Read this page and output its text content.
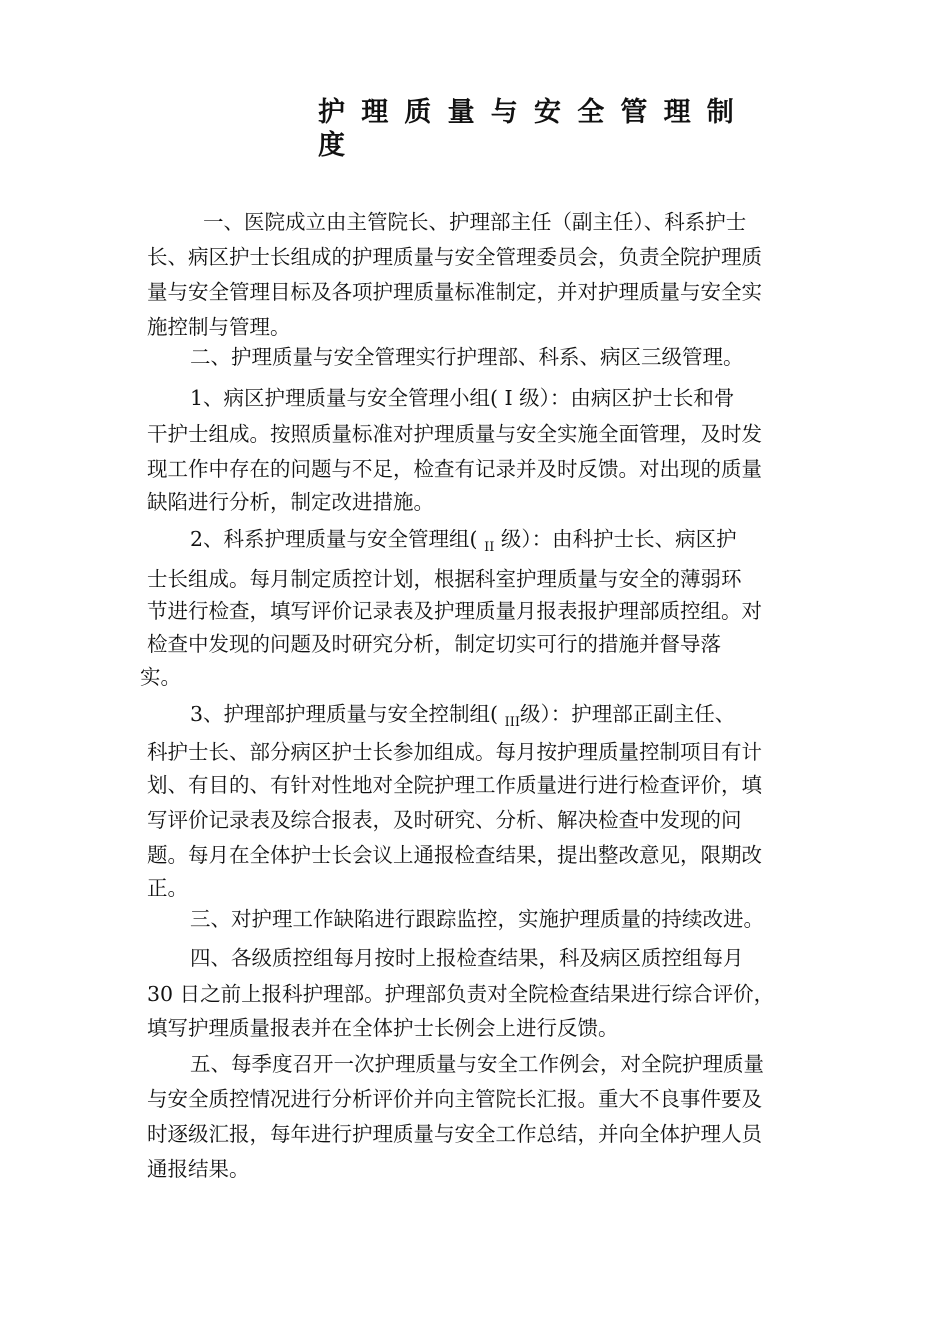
护理质量与安全管理制
度
一、医院成立由主管院长、护理部主任（副主任）、科系护士
长、病区护士长组成的护理质量与安全管理委员会，负责全院护理质
量与安全管理目标及各项护理质量标准制定，并对护理质量与安全实
施控制与管理。
二、护理质量与安全管理实行护理部、科系、病区三级管理。
1、病区护理质量与安全管理小组( Ⅰ 级）：由病区护士长和骨
干护士组成。按照质量标准对护理质量与安全实施全面管理，及时发
现工作中存在的问题与不足，检查有记录并及时反馈。对出现的质量
缺陷进行分析，制定改进措施。
2、科系护理质量与安全管理组( $_{II}$ 级）：由科护士长、病区护
士长组成。每月制定质控计划，根据科室护理质量与安全的薄弱环
节进行检查，填写评价记录表及护理质量月报表报护理部质控组。对
检查中发现的问题及时研究分析，制定切实可行的措施并督导落
实。
3、护理部护理质量与安全控制组( $_{III}$级）：护理部正副主任、
科护士长、部分病区护士长参加组成。每月按护理质量控制项目有计
划、有目的、有针对性地对全院护理工作质量进行进行检查评价，填
写评价记录表及综合报表，及时研究、分析、解决检查中发现的问
题。每月在全体护士长会议上通报检查结果，提出整改意见，限期改
正。
三、对护理工作缺陷进行跟踪监控，实施护理质量的持续改进。
四、各级质控组每月按时上报检查结果，科及病区质控组每月
30 日之前上报科护理部。护理部负责对全院检查结果进行综合评价，
填写护理质量报表并在全体护士长例会上进行反馈。
五、每季度召开一次护理质量与安全工作例会，对全院护理质量
与安全质控情况进行分析评价并向主管院长汇报。重大不良事件要及
时逐级汇报，每年进行护理质量与安全工作总结，并向全体护理人员
通报结果。
